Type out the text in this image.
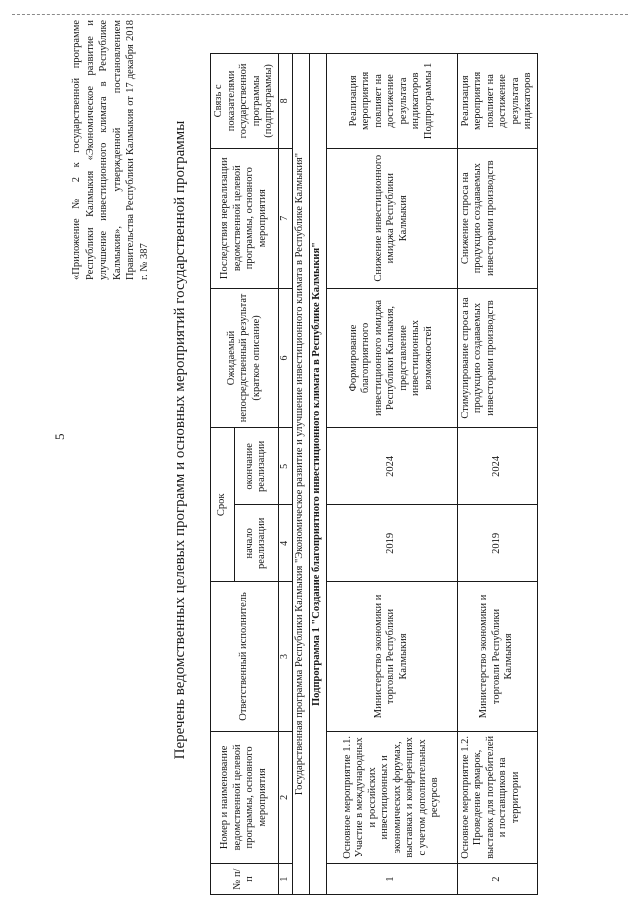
5
«Приложение № 2 к государственной программе Республики Калмыкия «Экономическое развитие и улучшение инвестиционного климата в Республике Калмыкия», утвержденной постановлением Правительства Республики Калмыкия от 17 декабря 2018 г. № 387 Перечень ведомственных целевых программ и основных мероприятий государственной программы
№ п/п	Номер и наименование ведомственной целевой программы, основного мероприятия	Ответственный исполнитель	Срок		Ожидаемый непосредственный результат (краткое описание)	Последствия нереализации ведомственной целевой программы, основного мероприятия	Связь с показателями государственной программы (подпрограммы)
			начало реализации	окончание реализации			
1	2	3	4	5	6	7	8
Государственная программа Республики Калмыкия "Экономическое развитие и улучшение инвестиционного климата в Республике Калмыкия"							
Подпрограмма 1 "Создание благоприятного инвестиционного климата в Республике Калмыкия"							
1	Основное мероприятие 1.1. Участие в международных и российских инвестиционных и экономических форумах, выставках и конференциях с учетом дополнительных ресурсов	Министерство экономики и торговли Республики Калмыкия	2019	2024	Формирование благоприятного инвестиционного имиджа Республики Калмыкия, представление инвестиционных возможностей	Снижение инвестиционного имиджа Республики Калмыкия	Реализация мероприятия повлияет на достижение результата индикаторов Подпрограммы 1
2	Основное мероприятие 1.2. Проведение ярмарок, выставок для потребителей и поставщиков на территории	Министерство экономики и торговли Республики Калмыкия	2019	2024	Стимулирование спроса на продукцию создаваемых инвесторами производств	Снижение спроса на продукцию создаваемых инвесторами производств	Реализация мероприятия повлияет на достижение результата индикаторов
